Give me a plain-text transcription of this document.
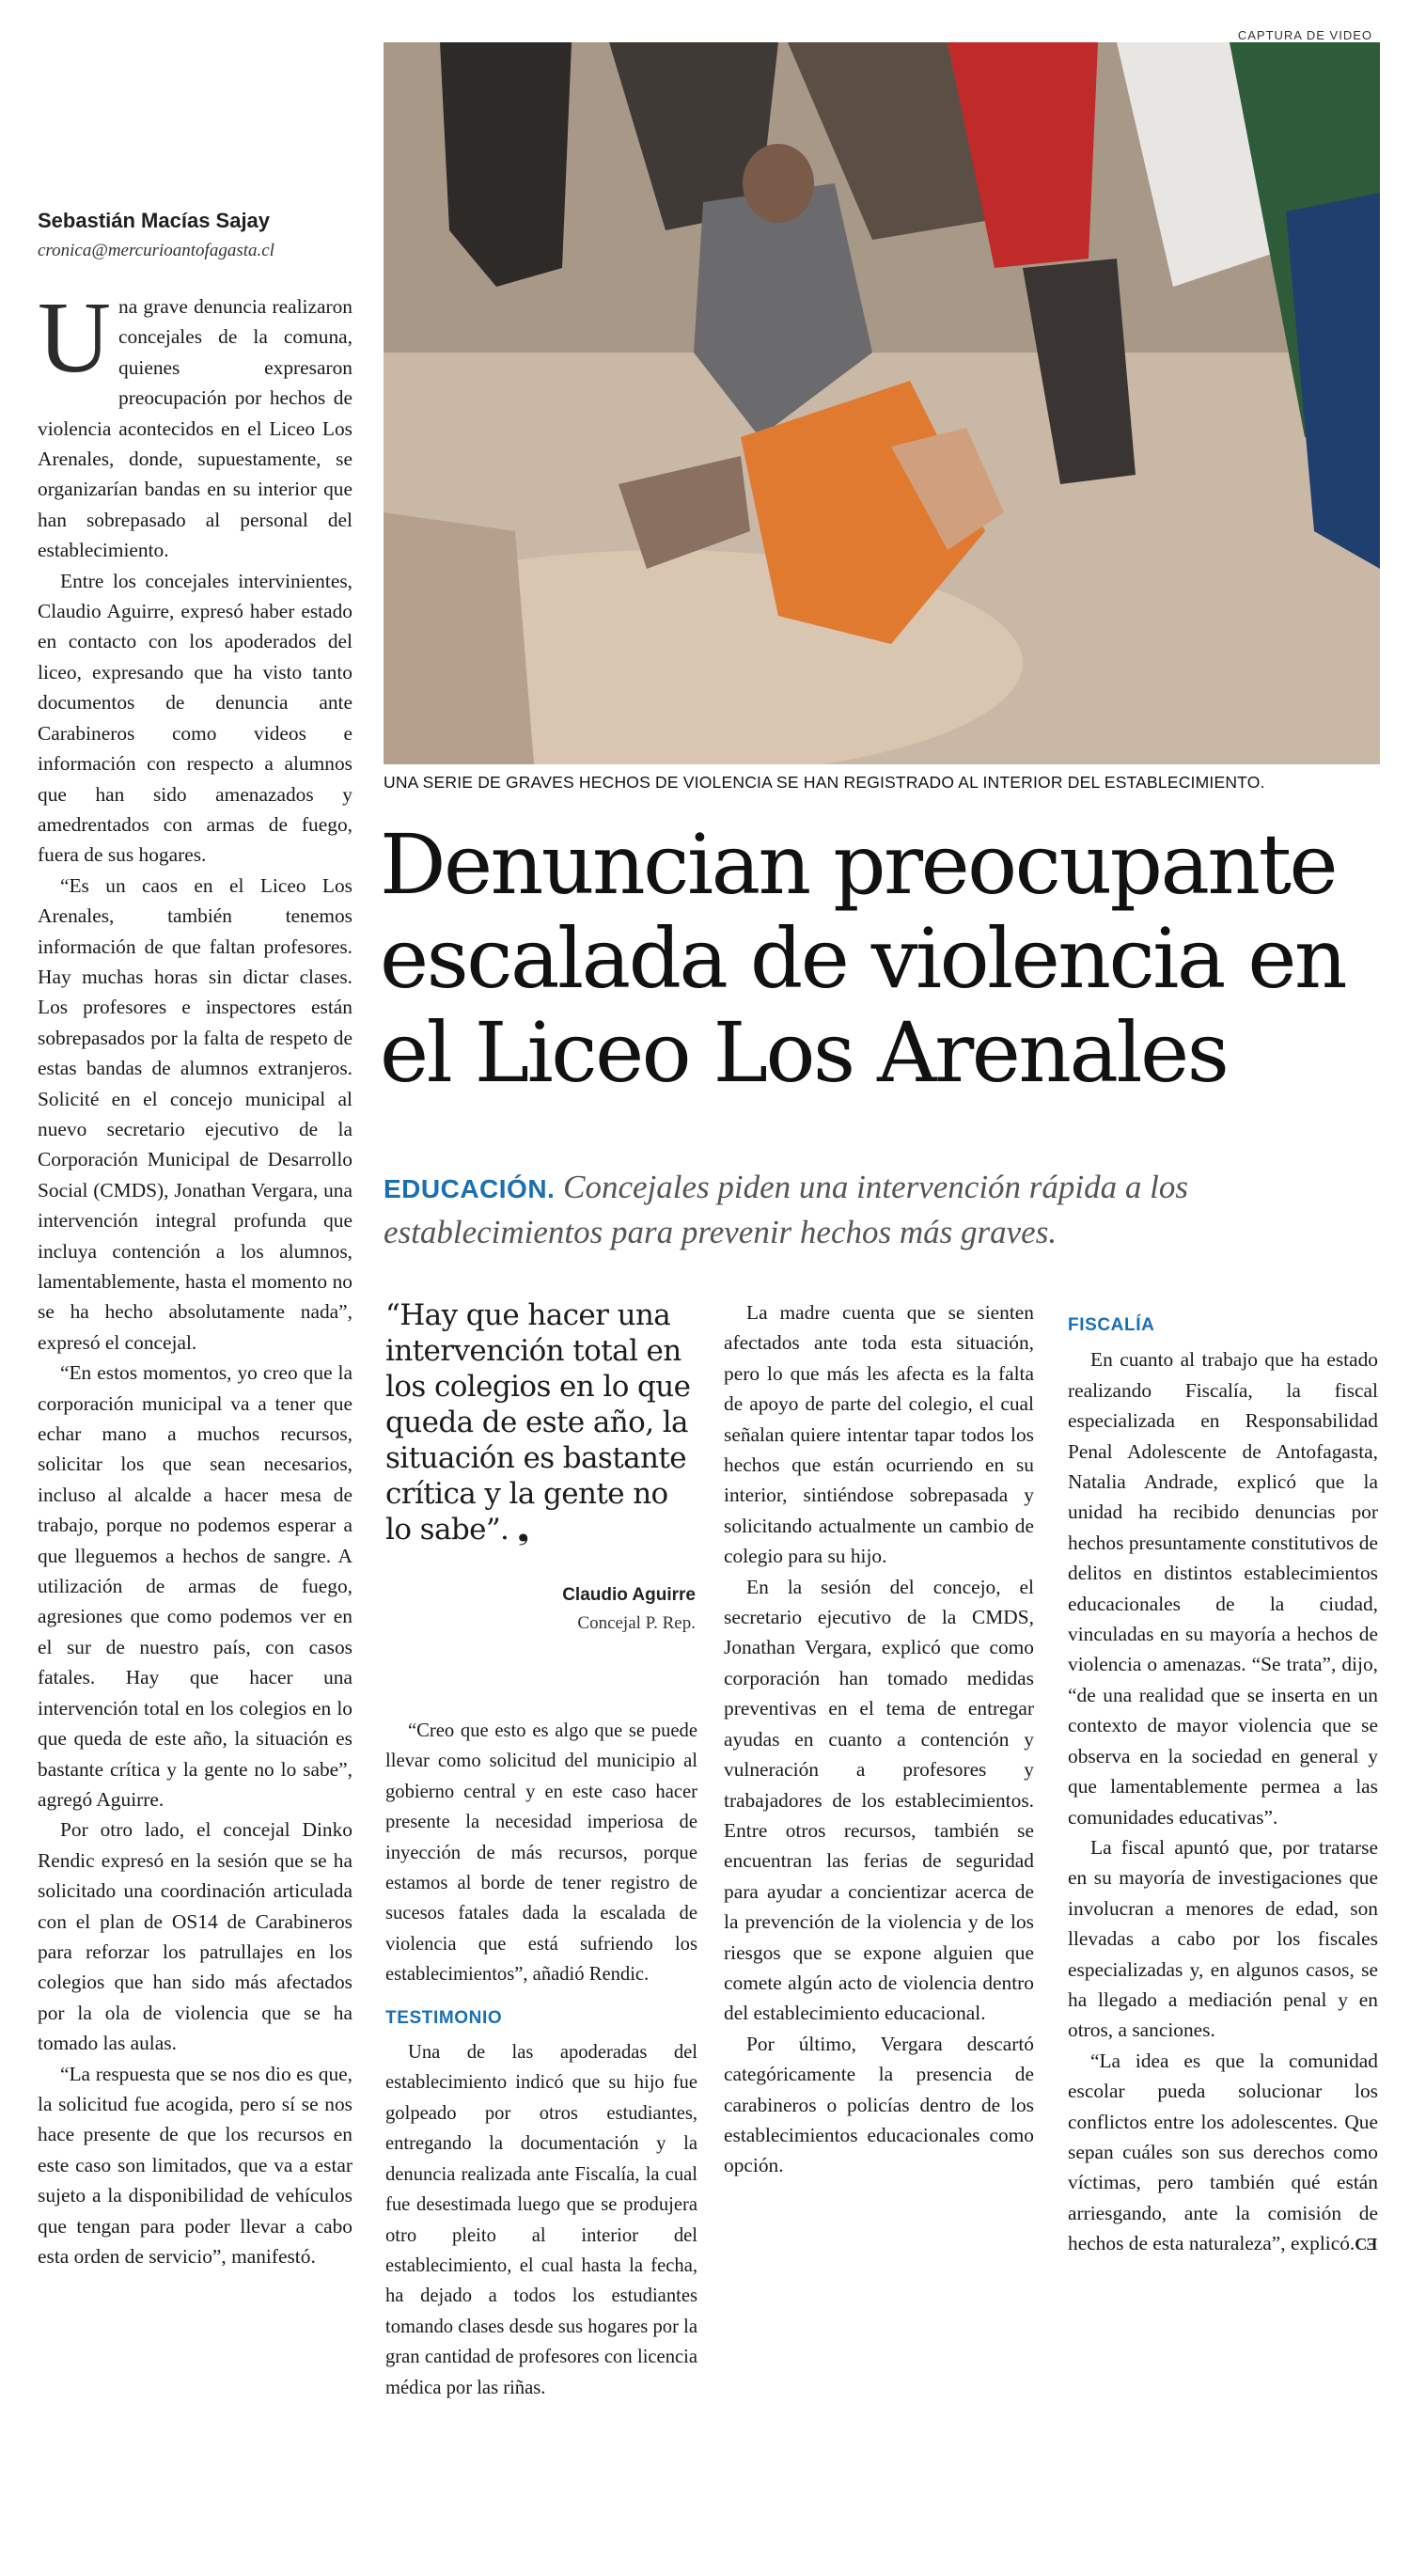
Sebastián Macías Sajay
cronica@mercurioantofagasta.cl

Una grave denuncia realizaron concejales de la comuna, quienes expresaron preocupación por hechos de violencia acontecidos en el Liceo Los Arenales, donde, supuestamente, se organizarían bandas en su interior que han sobrepasado al personal del establecimiento.

Entre los concejales intervinientes, Claudio Aguirre, expresó haber estado en contacto con los apoderados del liceo, expresando que ha visto tanto documentos de denuncia ante Carabineros como videos e información con respecto a alumnos que han sido amenazados y amedrentados con armas de fuego, fuera de sus hogares.

“Es un caos en el Liceo Los Arenales, también tenemos información de que faltan profesores. Hay muchas horas sin dictar clases. Los profesores e inspectores están sobrepasados por la falta de respeto de estas bandas de alumnos extranjeros. Solicité en el concejo municipal al nuevo secretario ejecutivo de la Corporación Municipal de Desarrollo Social (CMDS), Jonathan Vergara, una intervención integral profunda que incluya contención a los alumnos, lamentablemente, hasta el momento no se ha hecho absolutamente nada”, expresó el concejal.

“En estos momentos, yo creo que la corporación municipal va a tener que echar mano a muchos recursos, solicitar los que sean necesarios, incluso al alcalde a hacer mesa de trabajo, porque no podemos esperar a que lleguemos a hechos de sangre. A utilización de armas de fuego, agresiones que como podemos ver en el sur de nuestro país, con casos fatales. Hay que hacer una intervención total en los colegios en lo que queda de este año, la situación es bastante crítica y la gente no lo sabe”, agregó Aguirre.

Por otro lado, el concejal Dinko Rendic expresó en la sesión que se ha solicitado una coordinación articulada con el plan de OS14 de Carabineros para reforzar los patrullajes en los colegios que han sido más afectados por la ola de violencia que se ha tomado las aulas.

“La respuesta que se nos dio es que, la solicitud fue acogida, pero sí se nos hace presente de que los recursos en este caso son limitados, que va a estar sujeto a la disponibilidad de vehículos que tengan para poder llevar a cabo esta orden de servicio”, manifestó.

CAPTURA DE VIDEO
UNA SERIE DE GRAVES HECHOS DE VIOLENCIA SE HAN REGISTRADO AL INTERIOR DEL ESTABLECIMIENTO.
Denuncian preocupante
escalada de violencia en
el Liceo Los Arenales
EDUCACIÓN. Concejales piden una intervención rápida a los establecimientos para prevenir hechos más graves.
“Hay que hacer una intervención total en los colegios en lo que queda de este año, la situación es bastante crítica y la gente no lo sabe”. ❟
Claudio Aguirre
Concejal P. Rep.

“Creo que esto es algo que se puede llevar como solicitud del municipio al gobierno central y en este caso hacer presente la necesidad imperiosa de inyección de más recursos, porque estamos al borde de tener registro de sucesos fatales dada la escalada de violencia que está sufriendo los establecimientos”, añadió Rendic.

TESTIMONIO

Una de las apoderadas del establecimiento indicó que su hijo fue golpeado por otros estudiantes, entregando la documentación y la denuncia realizada ante Fiscalía, la cual fue desestimada luego que se produjera otro pleito al interior del establecimiento, el cual hasta la fecha, ha dejado a todos los estudiantes tomando clases desde sus hogares por la gran cantidad de profesores con licencia médica por las riñas.

La madre cuenta que se sienten afectados ante toda esta situación, pero lo que más les afecta es la falta de apoyo de parte del colegio, el cual señalan quiere intentar tapar todos los hechos que están ocurriendo en su interior, sintiéndose sobrepasada y solicitando actualmente un cambio de colegio para su hijo.

En la sesión del concejo, el secretario ejecutivo de la CMDS, Jonathan Vergara, explicó que como corporación han tomado medidas preventivas en el tema de entregar ayudas en cuanto a contención y vulneración a profesores y trabajadores de los establecimientos. Entre otros recursos, también se encuentran las ferias de seguridad para ayudar a concientizar acerca de la prevención de la violencia y de los riesgos que se expone alguien que comete algún acto de violencia dentro del establecimiento educacional.

Por último, Vergara descartó categóricamente la presencia de carabineros o policías dentro de los establecimientos educacionales como opción.

FISCALÍA

En cuanto al trabajo que ha estado realizando Fiscalía, la fiscal especializada en Responsabilidad Penal Adolescente de Antofagasta, Natalia Andrade, explicó que la unidad ha recibido denuncias por hechos presuntamente constitutivos de delitos en distintos establecimientos educacionales de la ciudad, vinculadas en su mayoría a hechos de violencia o amenazas. “Se trata”, dijo, “de una realidad que se inserta en un contexto de mayor violencia que se observa en la sociedad en general y que lamentablemente permea a las comunidades educativas”.

La fiscal apuntó que, por tratarse en su mayoría de investigaciones que involucran a menores de edad, son llevadas a cabo por los fiscales especializadas y, en algunos casos, se ha llegado a mediación penal y en otros, a sanciones.

“La idea es que la comunidad escolar pueda solucionar los conflictos entre los adolescentes. Que sepan cuáles son sus derechos como víctimas, pero también qué están arriesgando, ante la comisión de hechos de esta naturaleza”, explicó.CƎ
